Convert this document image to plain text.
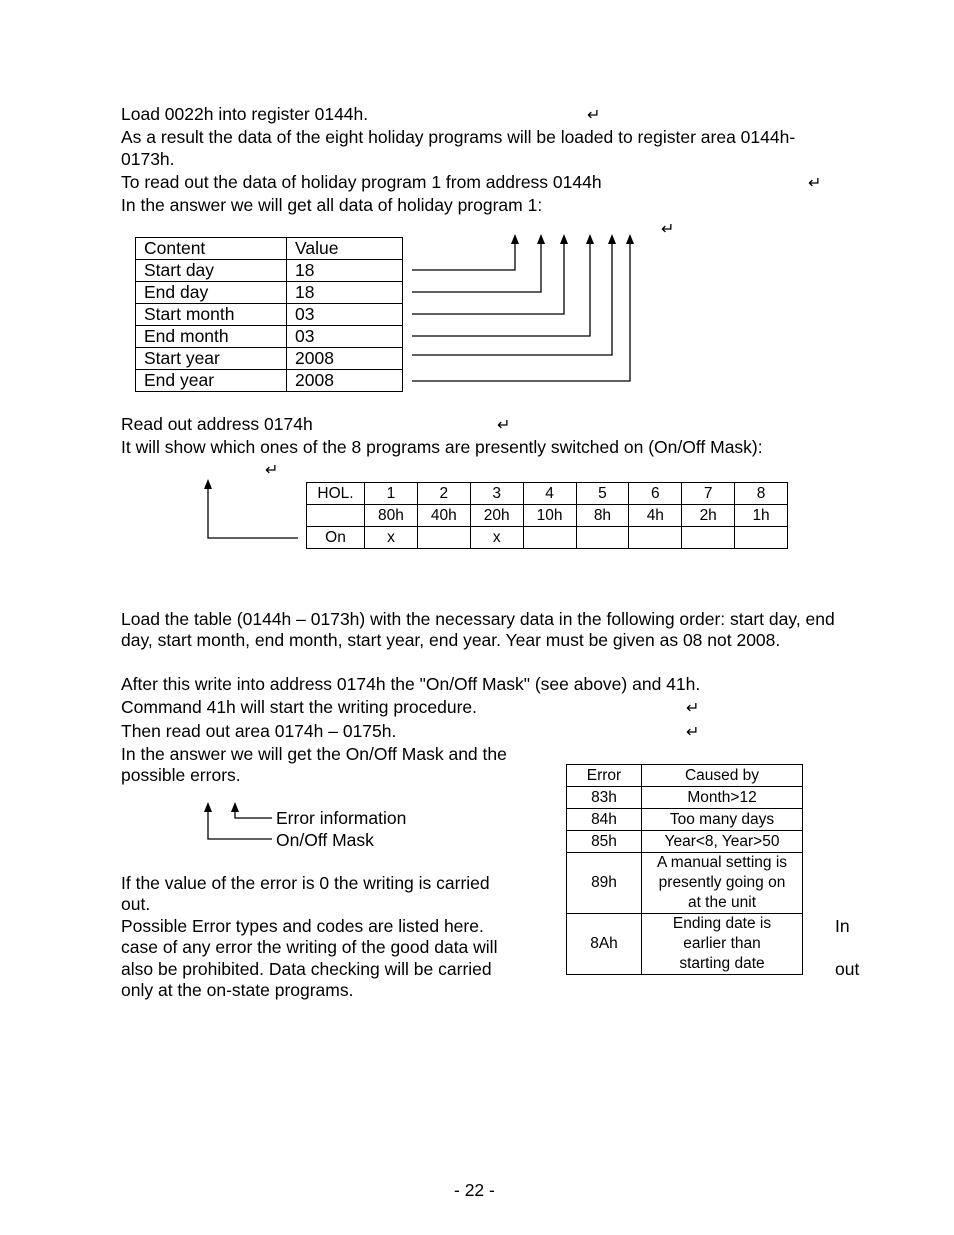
Load 0022h into register 0144h.	↵
As a result the data of the eight holiday programs will be loaded to register area 0144h-
0173h.
To read out the data of holiday program 1 from address 0144h	↵
In the answer we will get all data of holiday program 1:
↵
Content	Value
Start day	18
End day	18
Start month	03
End month	03
Start year	2008
End year	2008
Read out address 0174h	↵
It will show which ones of the 8 programs are presently switched on (On/Off Mask):
↵
HOL.	1	2	3	4	5	6	7	8
	80h	40h	20h	10h	8h	4h	2h	1h
On	x		x					
Load the table (0144h – 0173h) with the necessary data in the following order: start day, end day, start month, end month, start year, end year. Year must be given as 08 not 2008.
After this write into address 0174h the "On/Off Mask" (see above) and 41h.
Command 41h will start the writing procedure.	↵
Then read out area 0174h – 0175h.	↵
In the answer we will get the On/Off Mask and the
possible errors.
Error information
On/Off Mask
If the value of the error is 0 the writing is carried
out.
Possible Error types and codes are listed here.	In
case of any error the writing of the good data will
also be prohibited. Data checking will be carried	out
only at the on-state programs.
Error	Caused by
83h	Month>12
84h	Too many days
85h	Year<8, Year>50
89h	A manual setting is presently going on at the unit
8Ah	Ending date is earlier than starting date
- 22 -
